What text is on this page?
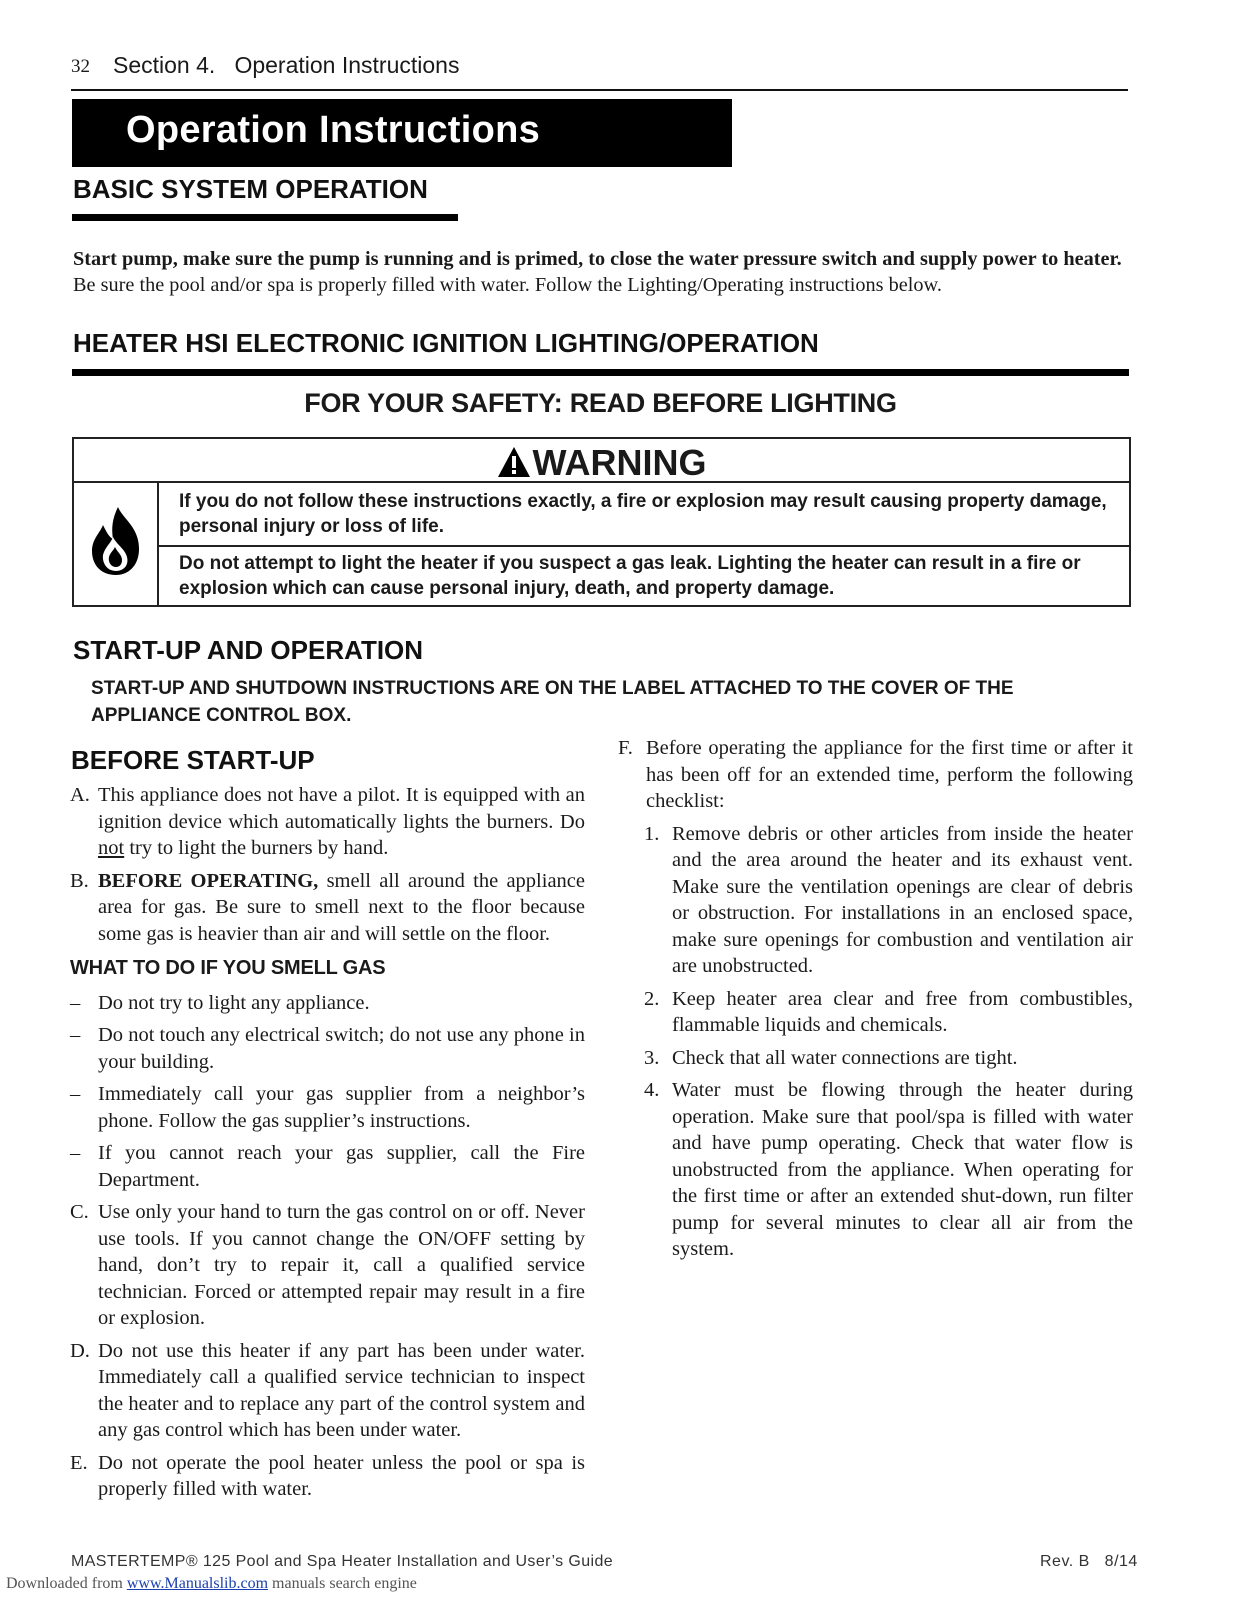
32 Section 4.   Operation Instructions
Operation Instructions
BASIC SYSTEM OPERATION
Start pump, make sure the pump is running and is primed, to close the water pressure switch and supply power to heater. Be sure the pool and/or spa is properly filled with water. Follow the Lighting/Operating instructions below.
HEATER HSI ELECTRONIC IGNITION LIGHTING/OPERATION
FOR YOUR SAFETY: READ BEFORE LIGHTING
WARNING
If you do not follow these instructions exactly, a fire or explosion may result causing property damage, personal injury or loss of life.
Do not attempt to light the heater if you suspect a gas leak. Lighting the heater can result in a fire or explosion which can cause personal injury, death, and property damage.
START-UP AND OPERATION
START-UP AND SHUTDOWN INSTRUCTIONS ARE ON THE LABEL ATTACHED TO THE COVER OF THE APPLIANCE CONTROL BOX.
BEFORE START-UP
A. This appliance does not have a pilot. It is equipped with an ignition device which automatically lights the burners. Do not try to light the burners by hand.
B. BEFORE OPERATING, smell all around the appliance area for gas. Be sure to smell next to the floor because some gas is heavier than air and will settle on the floor.
WHAT TO DO IF YOU SMELL GAS
– Do not try to light any appliance.
– Do not touch any electrical switch; do not use any phone in your building.
– Immediately call your gas supplier from a neighbor’s phone. Follow the gas supplier’s instructions.
– If you cannot reach your gas supplier, call the Fire Department.
C. Use only your hand to turn the gas control on or off. Never use tools. If you cannot change the ON/OFF setting by hand, don’t try to repair it, call a qualified service technician. Forced or attempted repair may result in a fire or explosion.
D. Do not use this heater if any part has been under water. Immediately call a qualified service technician to inspect the heater and to replace any part of the control system and any gas control which has been under water.
E. Do not operate the pool heater unless the pool or spa is properly filled with water.
F. Before operating the appliance for the first time or after it has been off for an extended time, perform the following checklist:
1. Remove debris or other articles from inside the heater and the area around the heater and its exhaust vent. Make sure the ventilation openings are clear of debris or obstruction. For installations in an enclosed space, make sure openings for combustion and ventilation air are unobstructed.
2. Keep heater area clear and free from combustibles, flammable liquids and chemicals.
3. Check that all water connections are tight.
4. Water must be flowing through the heater during operation. Make sure that pool/spa is filled with water and have pump operating. Check that water flow is unobstructed from the appliance. When operating for the first time or after an extended shut-down, run filter pump for several minutes to clear all air from the system.
MASTERTEMP® 125 Pool and Spa Heater Installation and User’s Guide	Rev. B   8/14
Downloaded from www.Manualslib.com manuals search engine
